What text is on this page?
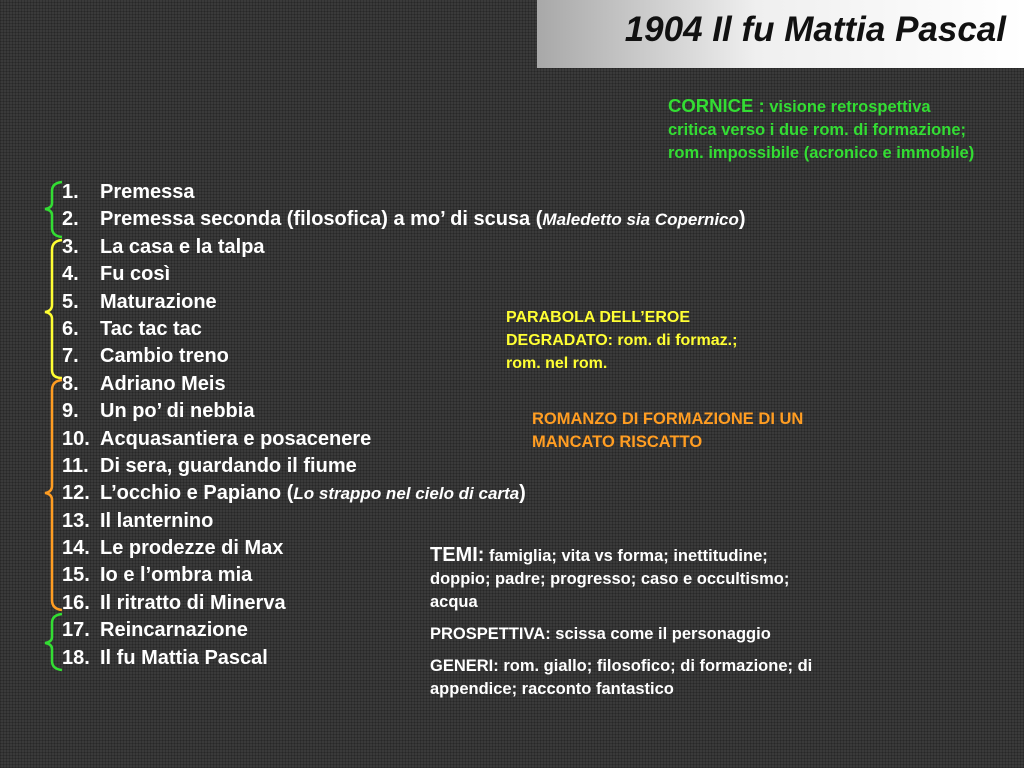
1904 Il fu Mattia Pascal
CORNICE : visione retrospettiva critica verso i due rom. di formazione; rom. impossibile (acronico e immobile)
1. Premessa
2. Premessa seconda (filosofica) a mo’ di scusa (Maledetto sia Copernico)
3. La casa e la talpa
4. Fu così
5. Maturazione
6. Tac tac tac
7. Cambio treno
8. Adriano Meis
9. Un po’ di nebbia
10. Acquasantiera e posacenere
11. Di sera, guardando il fiume
12. L’occhio e Papiano (Lo strappo nel cielo di carta)
13. Il lanternino
14. Le prodezze di Max
15. Io e l’ombra mia
16. Il ritratto di Minerva
17. Reincarnazione
18. Il fu Mattia Pascal
PARABOLA DELL’EROE DEGRADATO: rom. di formaz.; rom. nel rom.
ROMANZO DI FORMAZIONE DI UN MANCATO RISCATTO

TEMI: famiglia; vita vs forma; inettitudine; doppio; padre; progresso; caso e occultismo; acqua

PROSPETTIVA: scissa come il personaggio

GENERI: rom. giallo; filosofico; di formazione; di appendice; racconto fantastico
